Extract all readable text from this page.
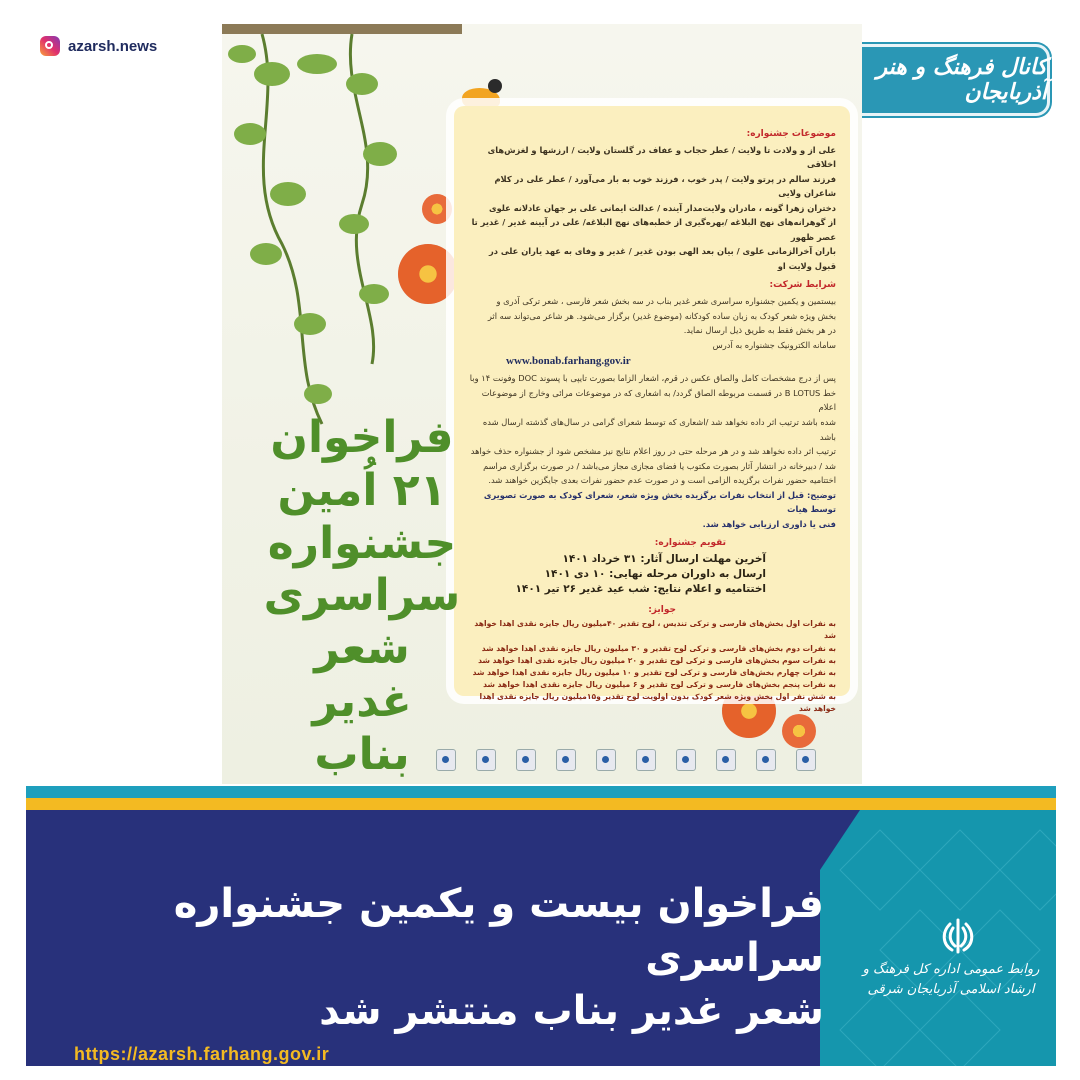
azarsh.news
کانال فرهنگ و هنر آذربایجان
موضوعات جشنواره:

علی از و ولادت تا ولایت / عطر حجاب و عفاف در گلستان ولایت / ارزشها و لغزش‌های اخلاقی

فرزند سالم در پرتو ولایت / پدر خوب ، فرزند خوب به بار می‌آورد / عطر علی در کلام شاعران ولایی

دختران زهرا گونه ، مادران ولایت‌مدار آینده / عدالت ایمانی علی بر جهان عادلانه علوی

از گوهرانه‌های نهج البلاغه /بهره‌گیری از خطبه‌های نهج البلاغه/ علی در آیینه غدیر / غدیر تا عصر ظهور

باران آخرالزمانی علوی / بیان بعد الهی بودن غدیر / غدیر و وفای به عهد یاران علی در قبول ولایت او

شرایط شرکت:

بیستمین و یکمین جشنواره سراسری شعر غدیر بناب در سه بخش شعر فارسی ، شعر ترکی آذری و

بخش ویژه شعر کودک به زبان ساده کودکانه (موضوع غدیر) برگزار می‌شود. هر شاعر می‌تواند سه اثر

در هر بخش فقط به طریق ذیل ارسال نماید.

سامانه الکترونیک جشنواره به آدرس

www.bonab.farhang.gov.ir

پس از درج مشخصات کامل والصاق عکس در قرم، اشعار الزاما بصورت تایپی با پسوند DOC وفونت ۱۴ وبا

خط B LOTUS در قسمت مربوطه الصاق گردد/ به اشعاری که در موضوعات مرائی وخارج از موضوعات اعلام

شده باشد ترتیب اثر داده نخواهد شد /اشعاری که توسط شعرای گرامی در سال‌های گذشته ارسال شده باشد

ترتیب اثر داده نخواهد شد و در هر مرحله حتی در روز اعلام نتایج نیز مشخص شود از جشنواره حذف خواهد

شد / دبیرخانه در انتشار آثار بصورت مکتوب یا فضای مجازی مجاز می‌باشد / در صورت برگزاری مراسم

اختتامیه حضور نفرات برگزیده الزامی است و در صورت عدم حضور نفرات بعدی جایگزین خواهند شد.

توضیح: قبل از انتخاب نفرات برگزیده بخش ویژه شعر، شعرای کودک به صورت تصویری توسط هیات

فنی یا داوری ارزیابی خواهد شد.

تقویم جشنواره:

آخرین مهلت ارسال آثار: ۳۱ خرداد ۱۴۰۱

ارسال به داوران مرحله نهایی: ۱۰ دی ۱۴۰۱

اختتامیه و اعلام نتایج: شب عید غدیر ۲۶ تیر ۱۴۰۱

جوایز:

به نفرات اول بخش‌های فارسی و ترکی تندیس ، لوح تقدیر ۴۰میلیون ریال جایزه نقدی اهدا خواهد شد

به نفرات دوم بخش‌های فارسی و ترکی لوح تقدیر و ۳۰ میلیون ریال جایزه نقدی اهدا خواهد شد

به نفرات سوم بخش‌های فارسی و ترکی لوح تقدیر و ۲۰ میلیون ریال جایزه نقدی اهدا خواهد شد

به نفرات چهارم بخش‌های فارسی و ترکی لوح تقدیر و ۱۰ میلیون ریال جایزه نقدی اهدا خواهد شد

به نفرات پنجم بخش‌های فارسی و ترکی لوح تقدیر و ۶ میلیون ریال جایزه نقدی اهدا خواهد شد

به شش نفر اول بخش ویژه شعر کودک بدون اولویت لوح تقدیر و۱۵میلیون ریال جایزه نقدی اهدا خواهد شد

فراخوان
۲۱ اُمین
جشنواره
سراسری
شعر غدیر
بناب
فراخوان بیست و یکمین جشنواره سراسری
شعر غدیر بناب منتشر شد
https://azarsh.farhang.gov.ir
روابط عمومی اداره کل فرهنگ و ارشاد اسلامی آذربایجان شرقی
